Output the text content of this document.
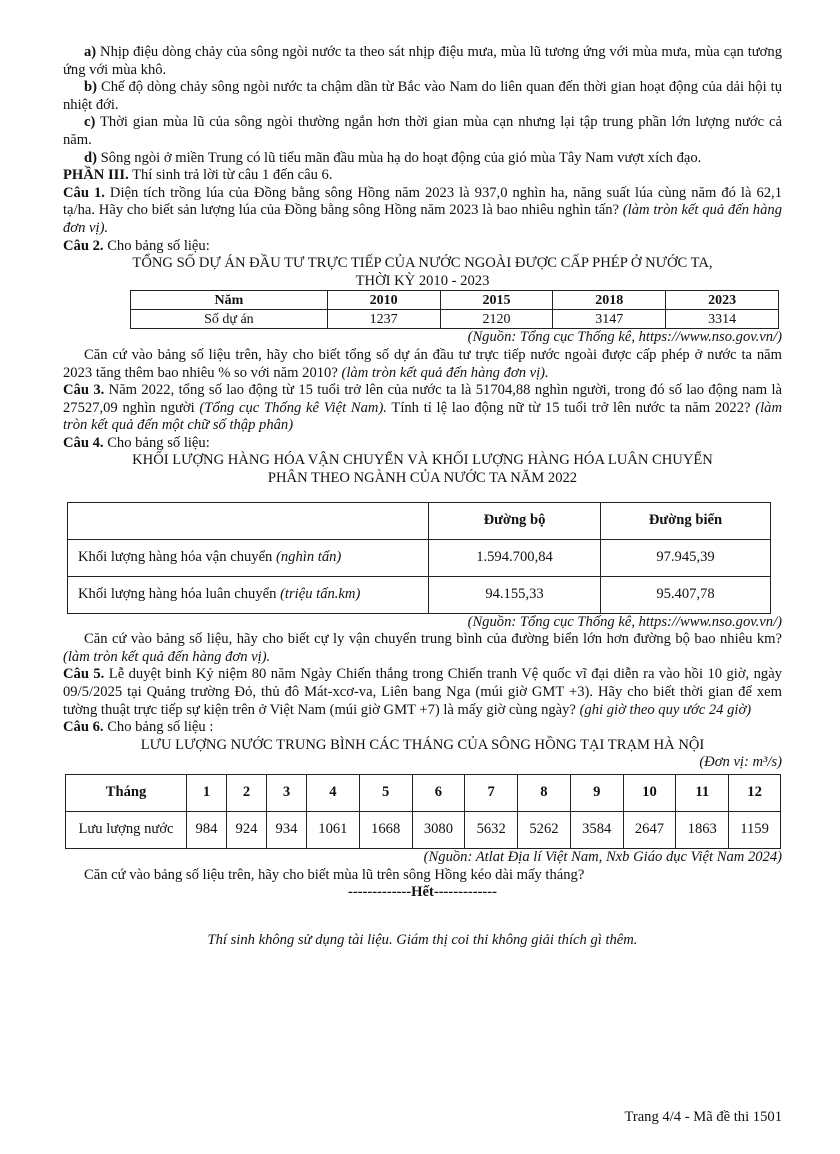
a) Nhịp điệu dòng chảy của sông ngòi nước ta theo sát nhịp điệu mưa, mùa lũ tương ứng với mùa mưa, mùa cạn tương ứng với mùa khô.

b) Chế độ dòng chảy sông ngòi nước ta chậm dần từ Bắc vào Nam do liên quan đến thời gian hoạt động của dải hội tụ nhiệt đới.

c) Thời gian mùa lũ của sông ngòi thường ngắn hơn thời gian mùa cạn nhưng lại tập trung phần lớn lượng nước cả năm.

d) Sông ngòi ở miền Trung có lũ tiểu mãn đầu mùa hạ do hoạt động của gió mùa Tây Nam vượt xích đạo.

PHẦN III. Thí sinh trả lời từ câu 1 đến câu 6.

Câu 1. Diện tích trồng lúa của Đồng bằng sông Hồng năm 2023 là 937,0 nghìn ha, năng suất lúa cùng năm đó là 62,1 tạ/ha. Hãy cho biết sản lượng lúa của Đồng bằng sông Hồng năm 2023 là bao nhiêu nghìn tấn? (làm tròn kết quả đến hàng đơn vị).

Câu 2. Cho bảng số liệu:

TỔNG SỐ DỰ ÁN ĐẦU TƯ TRỰC TIẾP CỦA NƯỚC NGOÀI ĐƯỢC CẤP PHÉP Ở NƯỚC TA,
THỜI KỲ 2010 - 2023
Năm	2010	2015	2018	2023
Số dự án	1237	2120	3147	3314

(Nguồn: Tổng cục Thống kê, https://www.nso.gov.vn/)

Căn cứ vào bảng số liệu trên, hãy cho biết tổng số dự án đầu tư trực tiếp nước ngoài được cấp phép ở nước ta năm 2023 tăng thêm bao nhiêu % so với năm 2010? (làm tròn kết quả đến hàng đơn vị).

Câu 3. Năm 2022, tổng số lao động từ 15 tuổi trở lên của nước ta là 51704,88 nghìn người, trong đó số lao động nam là 27527,09 nghìn người (Tổng cục Thống kê Việt Nam). Tính tỉ lệ lao động nữ từ 15 tuổi trở lên nước ta năm 2022? (làm tròn kết quả đến một chữ số thập phân)

Câu 4. Cho bảng số liệu:

KHỐI LƯỢNG HÀNG HÓA VẬN CHUYỂN VÀ KHỐI LƯỢNG HÀNG HÓA LUÂN CHUYỂN
PHÂN THEO NGÀNH CỦA NƯỚC TA NĂM 2022
	Đường bộ	Đường biển
Khối lượng hàng hóa vận chuyển (nghìn tấn)	1.594.700,84	97.945,39
Khối lượng hàng hóa luân chuyển (triệu tấn.km)	94.155,33	95.407,78

(Nguồn: Tổng cục Thống kê, https://www.nso.gov.vn/)

Căn cứ vào bảng số liệu, hãy cho biết cự ly vận chuyển trung bình của đường biển lớn hơn đường bộ bao nhiêu km? (làm tròn kết quả đến hàng đơn vị).

Câu 5. Lễ duyệt binh Kỷ niệm 80 năm Ngày Chiến thắng trong Chiến tranh Vệ quốc vĩ đại diễn ra vào hồi 10 giờ, ngày 09/5/2025 tại Quảng trường Đỏ, thủ đô Mát-xcơ-va, Liên bang Nga (múi giờ GMT +3). Hãy cho biết thời gian để xem tường thuật trực tiếp sự kiện trên ở Việt Nam (múi giờ GMT +7) là mấy giờ cùng ngày? (ghi giờ theo quy ước 24 giờ)

Câu 6. Cho bảng số liệu :

LƯU LƯỢNG NƯỚC TRUNG BÌNH CÁC THÁNG CỦA SÔNG HỒNG TẠI TRẠM HÀ NỘI

(Đơn vị: m³/s)

Tháng	1	2	3	4	5	6	7	8	9	10	11	12
Lưu lượng nước	984	924	934	1061	1668	3080	5632	5262	3584	2647	1863	1159

(Nguồn: Atlat Địa lí Việt Nam, Nxb Giáo dục Việt Nam 2024)

Căn cứ vào bảng số liệu trên, hãy cho biết mùa lũ trên sông Hồng kéo dài mấy tháng?

-------------Hết-------------

Thí sinh không sử dụng tài liệu. Giám thị coi thi không giải thích gì thêm.

Trang 4/4 - Mã đề thi 1501
